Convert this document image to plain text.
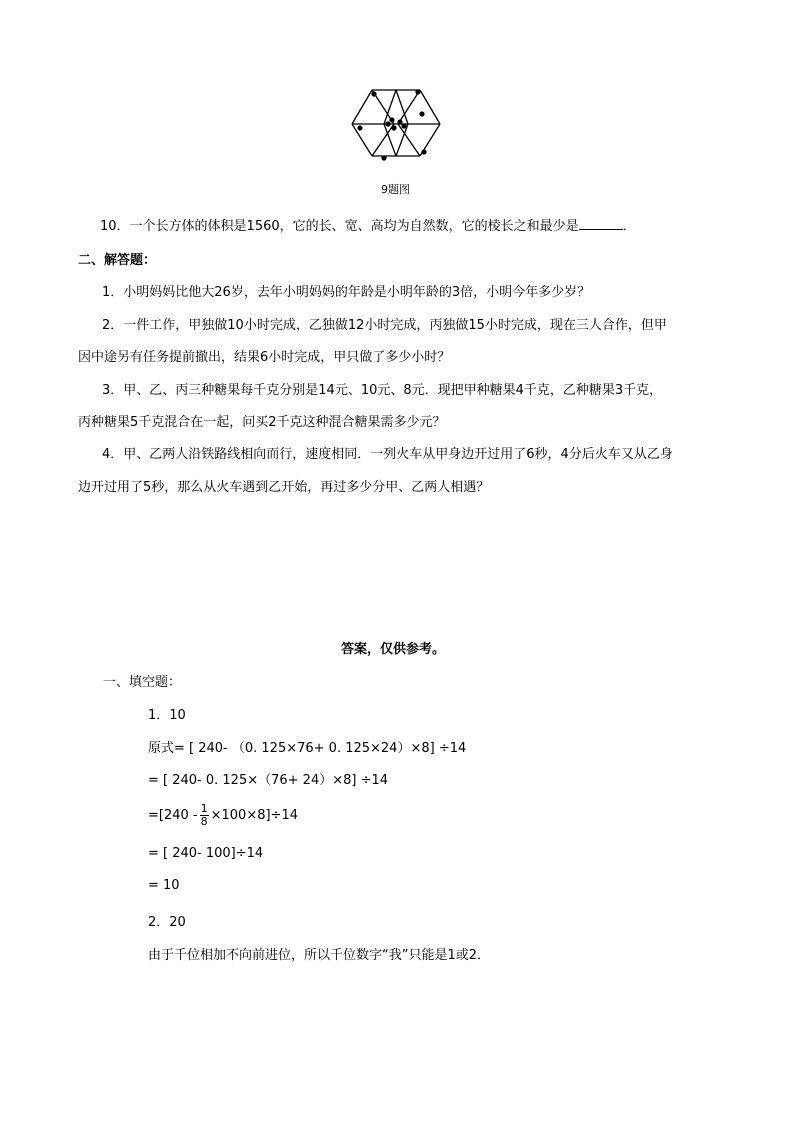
9题图
10．一个长方体的体积是1560，它的长、宽、高均为自然数，它的棱长之和最少是	．
二、解答题：
1．小明妈妈比他大26岁，去年小明妈妈的年龄是小明年龄的3倍，小明今年多少岁？
2．一件工作，甲独做10小时完成，乙独做12小时完成，丙独做15小时完成，现在三人合作，但甲
因中途另有任务提前撤出，结果6小时完成，甲只做了多少小时？
3．甲、乙、丙三种糖果每千克分别是14元、10元、8元．现把甲种糖果4千克，乙种糖果3千克，
丙种糖果5千克混合在一起，问买2千克这种混合糖果需多少元？
4．甲、乙两人沿铁路线相向而行，速度相同．一列火车从甲身边开过用了6秒，4分后火车又从乙身
边开过用了5秒，那么从火车遇到乙开始，再过多少分甲、乙两人相遇？
答案，仅供参考。
一、填空题：
1．10
原式= [ 240- （0. 125×76+ 0. 125×24）×8] ÷14
= [ 240- 0. 125×（76+ 24）×8] ÷14
$=[240 - \frac{1}{8} \times 100\times 8]\div 14$
= [ 240- 100]÷14
= 10
2．20
由于千位相加不向前进位，所以千位数字“我”只能是1或2．
